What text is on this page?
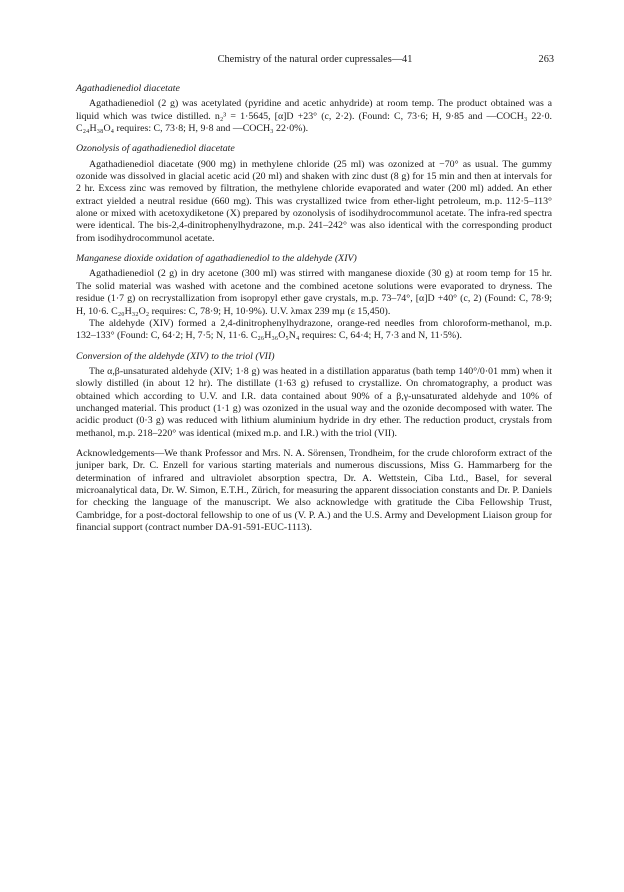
Chemistry of the natural order cupressales—41	263

Agathadienediol diacetate

Agathadienediol (2 g) was acetylated (pyridine and acetic anhydride) at room temp. The product obtained was a liquid which was twice distilled. n₂³ = 1·5645, [α]D +23° (c, 2·2). (Found: C, 73·6; H, 9·85 and —COCH₃ 22·0. C₂₄H₃₈O₄ requires: C, 73·8; H, 9·8 and —COCH₃ 22·0%).

Ozonolysis of agathadienediol diacetate

Agathadienediol diacetate (900 mg) in methylene chloride (25 ml) was ozonized at −70° as usual. The gummy ozonide was dissolved in glacial acetic acid (20 ml) and shaken with zinc dust (8 g) for 15 min and then at intervals for 2 hr. Excess zinc was removed by filtration, the methylene chloride evaporated and water (200 ml) added. An ether extract yielded a neutral residue (660 mg). This was crystallized twice from ether-light petroleum, m.p. 112·5–113° alone or mixed with acetoxydiketone (X) prepared by ozonolysis of isodihydrocommunol acetate. The infra-red spectra were identical. The bis-2,4-dinitrophenylhydrazone, m.p. 241–242° was also identical with the corresponding product from isodihydrocommunol acetate.

Manganese dioxide oxidation of agathadienediol to the aldehyde (XIV)

Agathadienediol (2 g) in dry acetone (300 ml) was stirred with manganese dioxide (30 g) at room temp for 15 hr. The solid material was washed with acetone and the combined acetone solutions were evaporated to dryness. The residue (1·7 g) on recrystallization from isopropyl ether gave crystals, m.p. 73–74°, [α]D +40° (c, 2) (Found: C, 78·9; H, 10·6. C₂₀H₃₂O₂ requires: C, 78·9; H, 10·9%). U.V. λmax 239 mμ (ε 15,450).

The aldehyde (XIV) formed a 2,4-dinitrophenylhydrazone, orange-red needles from chloroform-methanol, m.p. 132–133° (Found: C, 64·2; H, 7·5; N, 11·6. C₂₆H₃₆O₅N₄ requires: C, 64·4; H, 7·3 and N, 11·5%).

Conversion of the aldehyde (XIV) to the triol (VII)

The α,β-unsaturated aldehyde (XIV; 1·8 g) was heated in a distillation apparatus (bath temp 140°/0·01 mm) when it slowly distilled (in about 12 hr). The distillate (1·63 g) refused to crystallize. On chromatography, a product was obtained which according to U.V. and I.R. data contained about 90% of a β,γ-unsaturated aldehyde and 10% of unchanged material. This product (1·1 g) was ozonized in the usual way and the ozonide decomposed with water. The acidic product (0·3 g) was reduced with lithium aluminium hydride in dry ether. The reduction product, crystals from methanol, m.p. 218–220° was identical (mixed m.p. and I.R.) with the triol (VII).

Acknowledgements—We thank Professor and Mrs. N. A. Sörensen, Trondheim, for the crude chloroform extract of the juniper bark, Dr. C. Enzell for various starting materials and numerous discussions, Miss G. Hammarberg for the determination of infrared and ultraviolet absorption spectra, Dr. A. Wettstein, Ciba Ltd., Basel, for several microanalytical data, Dr. W. Simon, E.T.H., Zürich, for measuring the apparent dissociation constants and Dr. P. Daniels for checking the language of the manuscript. We also acknowledge with gratitude the Ciba Fellowship Trust, Cambridge, for a post-doctoral fellowship to one of us (V. P. A.) and the U.S. Army and Development Liaison group for financial support (contract number DA-91-591-EUC-1113).
